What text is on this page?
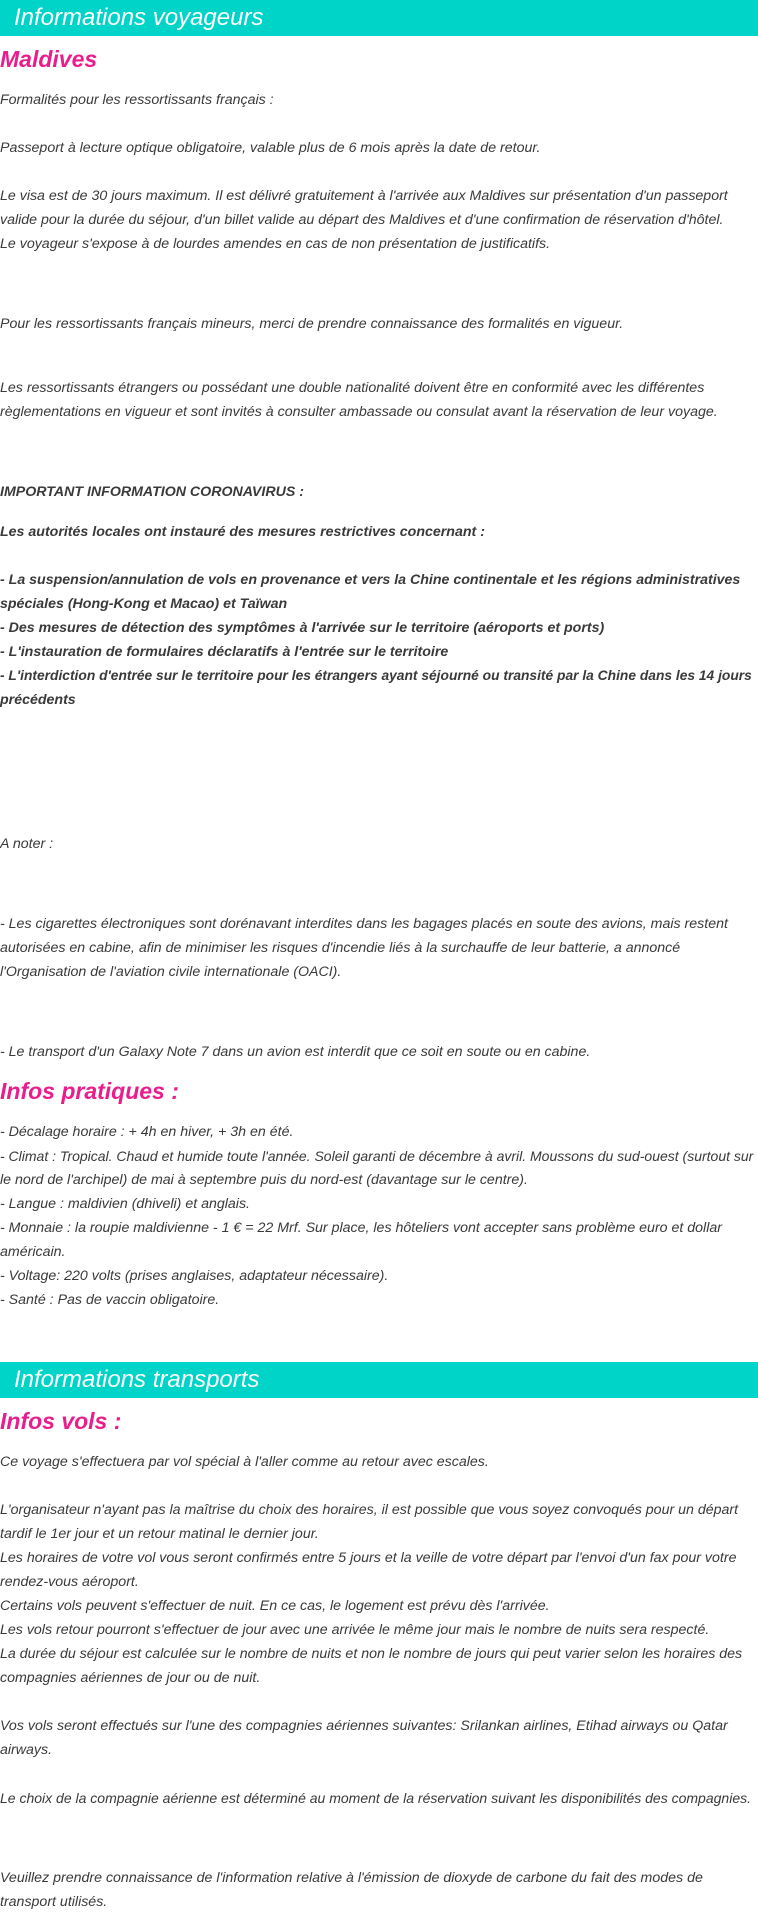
Informations voyageurs
Maldives

Formalités pour les ressortissants français :

Passeport à lecture optique obligatoire, valable plus de 6 mois après la date de retour.

Le visa est de 30 jours maximum. Il est délivré gratuitement à l'arrivée aux Maldives sur présentation d'un passeport

valide pour la durée du séjour, d'un billet valide au départ des Maldives et d'une confirmation de réservation d'hôtel.

Le voyageur s'expose à de lourdes amendes en cas de non présentation de justificatifs.

Pour les ressortissants français mineurs, merci de prendre connaissance des formalités en vigueur.

Les ressortissants étrangers ou possédant une double nationalité doivent être en conformité avec les différentes

règlementations en vigueur et sont invités à consulter ambassade ou consulat avant la réservation de leur voyage.

IMPORTANT INFORMATION CORONAVIRUS :

Les autorités locales ont instauré des mesures restrictives concernant :

- La suspension/annulation de vols en provenance et vers la Chine continentale et les régions administratives

spéciales (Hong-Kong et Macao) et Taïwan

- Des mesures de détection des symptômes à l'arrivée sur le territoire (aéroports et ports)

- L'instauration de formulaires déclaratifs à l'entrée sur le territoire

- L'interdiction d'entrée sur le territoire pour les étrangers ayant séjourné ou transité par la Chine dans les 14 jours

précédents

A noter :

- Les cigarettes électroniques sont dorénavant interdites dans les bagages placés en soute des avions, mais restent

autorisées en cabine, afin de minimiser les risques d'incendie liés à la surchauffe de leur batterie, a annoncé

l'Organisation de l'aviation civile internationale (OACI).

- Le transport d'un Galaxy Note 7 dans un avion est interdit que ce soit en soute ou en cabine.

Infos pratiques :

- Décalage horaire : + 4h en hiver, + 3h en été.

- Climat : Tropical. Chaud et humide toute l'année. Soleil garanti de décembre à avril. Moussons du sud-ouest (surtout sur

le nord de l'archipel) de mai à septembre puis du nord-est (davantage sur le centre).

- Langue : maldivien (dhiveli) et anglais.

- Monnaie : la roupie maldivienne - 1 € = 22 Mrf. Sur place, les hôteliers vont accepter sans problème euro et dollar

américain.

- Voltage: 220 volts (prises anglaises, adaptateur nécessaire).

- Santé : Pas de vaccin obligatoire.

Informations transports
Infos vols :

Ce voyage s'effectuera par vol spécial à l'aller comme au retour avec escales.

L'organisateur n'ayant pas la maîtrise du choix des horaires, il est possible que vous soyez convoqués pour un départ

tardif le 1er jour et un retour matinal le dernier jour.

Les horaires de votre vol vous seront confirmés entre 5 jours et la veille de votre départ par l'envoi d'un fax pour votre

rendez-vous aéroport.

Certains vols peuvent s'effectuer de nuit. En ce cas, le logement est prévu dès l'arrivée.

Les vols retour pourront s'effectuer de jour avec une arrivée le même jour mais le nombre de nuits sera respecté.

La durée du séjour est calculée sur le nombre de nuits et non le nombre de jours qui peut varier selon les horaires des

compagnies aériennes de jour ou de nuit.

Vos vols seront effectués sur l'une des compagnies aériennes suivantes: Srilankan airlines, Etihad airways ou Qatar

airways.

Le choix de la compagnie aérienne est déterminé au moment de la réservation suivant les disponibilités des compagnies.

Veuillez prendre connaissance de l'information relative à l'émission de dioxyde de carbone du fait des modes de

transport utilisés.
